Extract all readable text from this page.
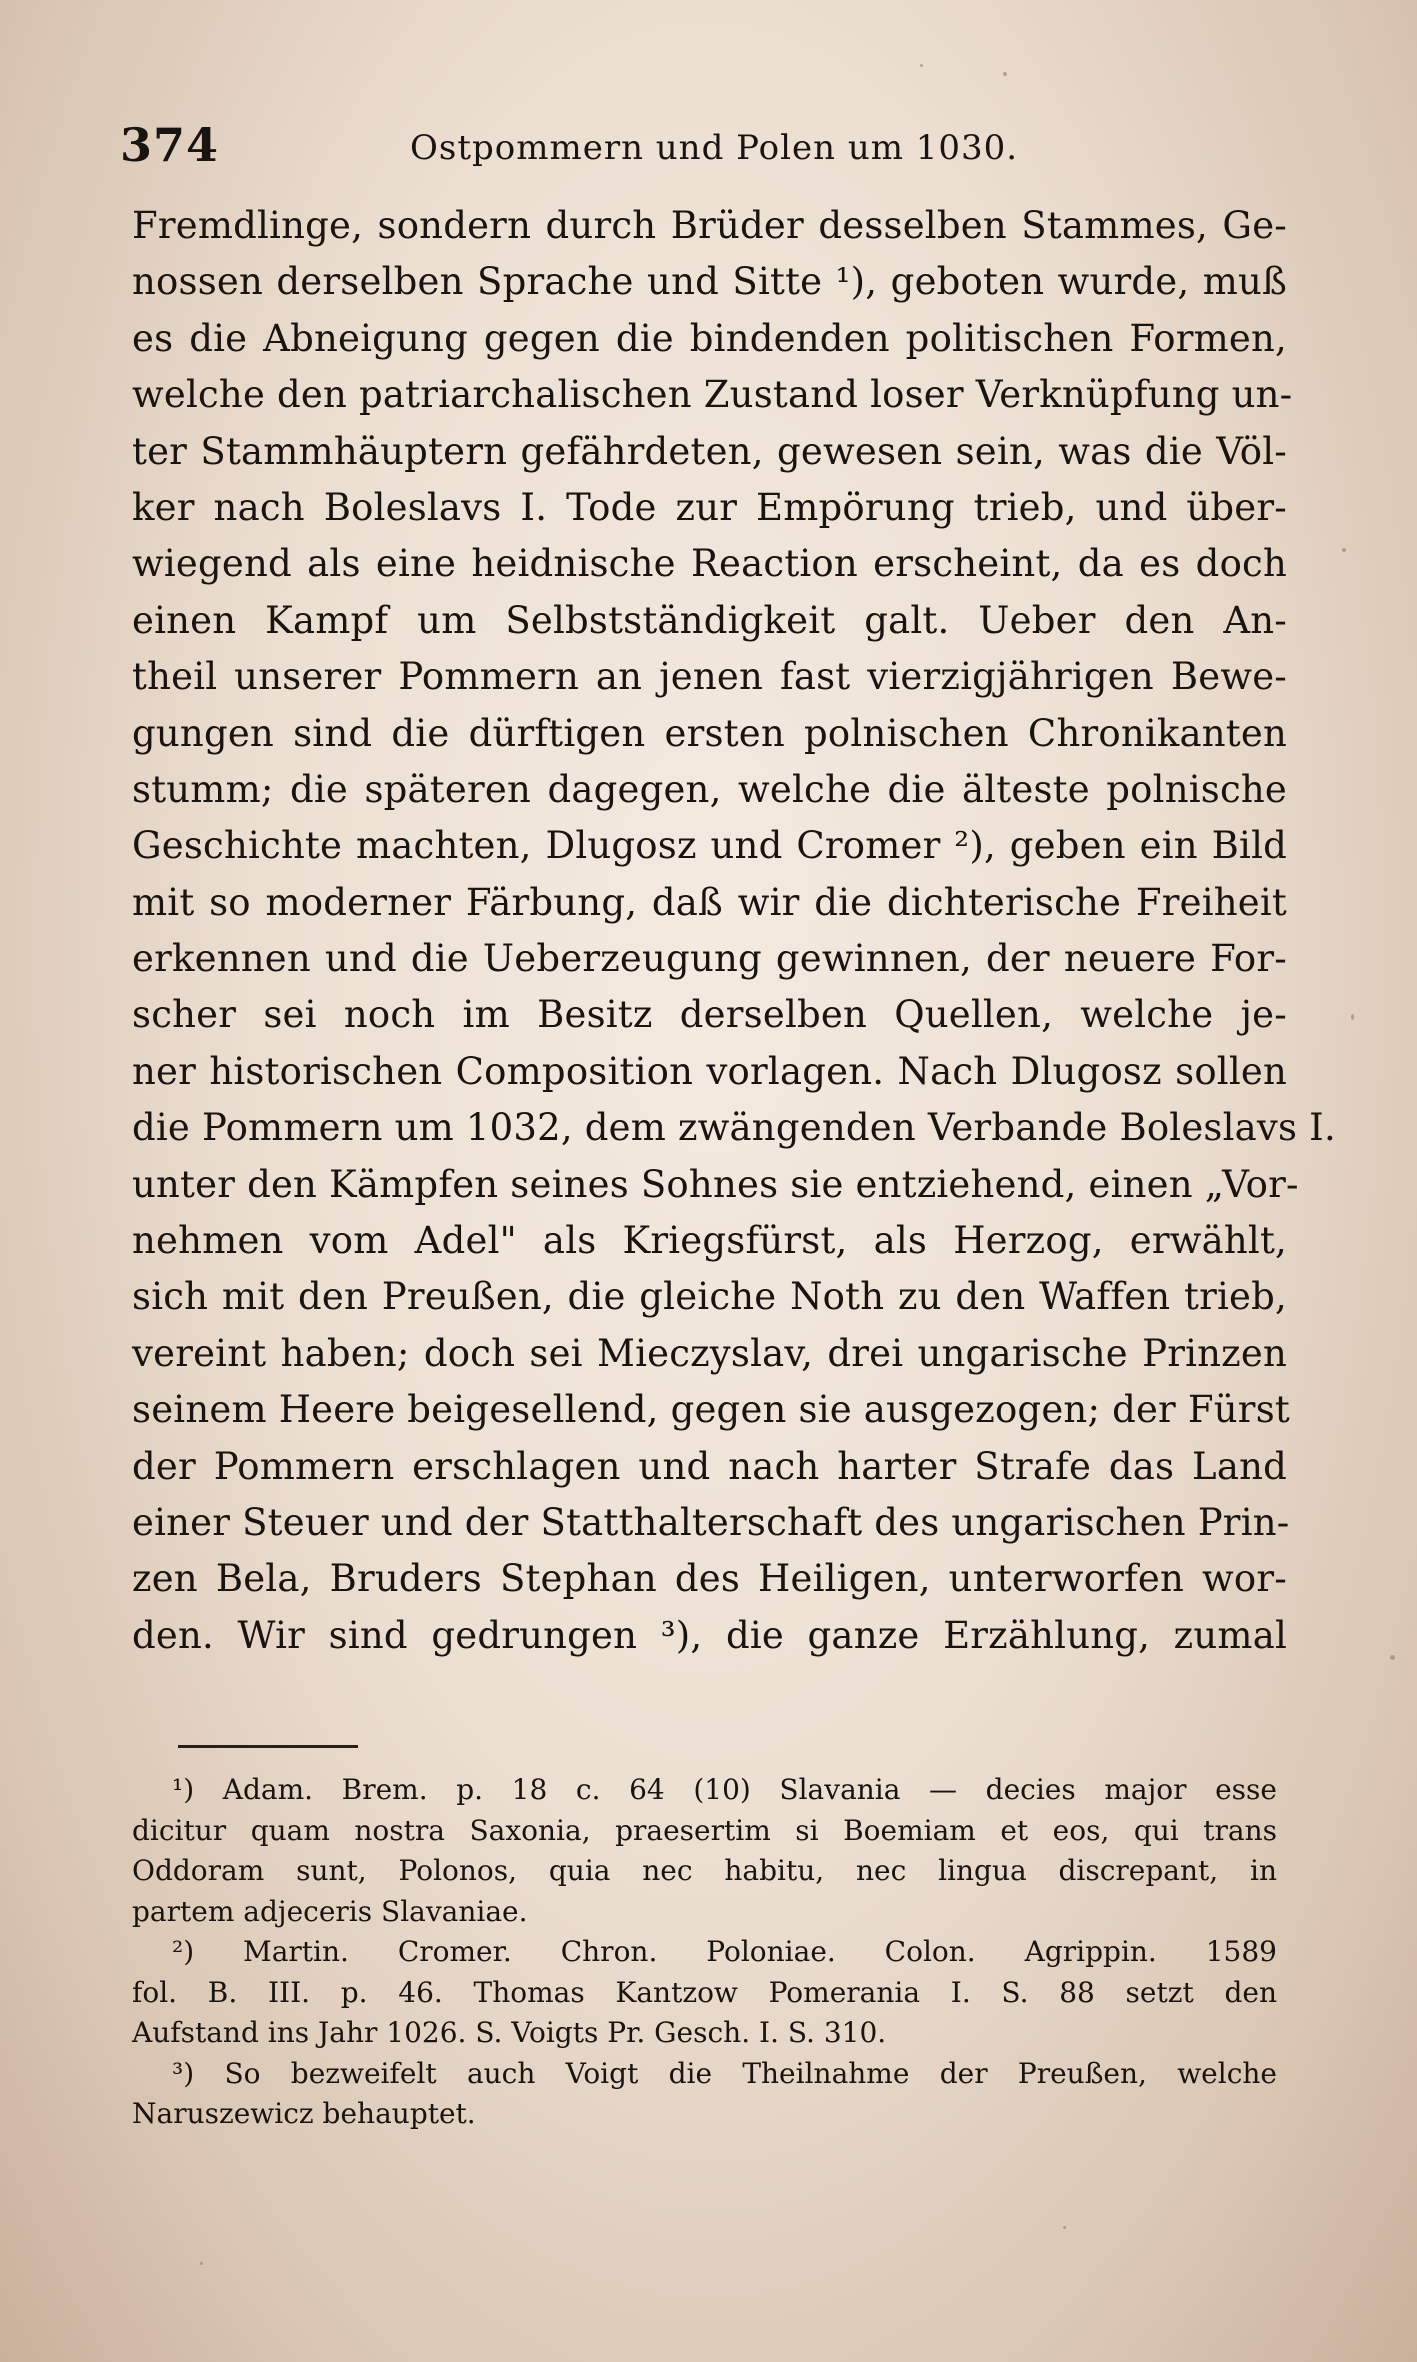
374	Ostpommern und Polen um 1030.
Fremdlinge, sondern durch Brüder desselben Stammes, Ge-
nossen derselben Sprache und Sitte ¹), geboten wurde, muß
es die Abneigung gegen die bindenden politischen Formen,
welche den patriarchalischen Zustand loser Verknüpfung un-
ter Stammhäuptern gefährdeten, gewesen sein, was die Völ-
ker nach Boleslavs I. Tode zur Empörung trieb, und über-
wiegend als eine heidnische Reaction erscheint, da es doch
einen Kampf um Selbstständigkeit galt. Ueber den An-
theil unserer Pommern an jenen fast vierzigjährigen Bewe-
gungen sind die dürftigen ersten polnischen Chronikanten
stumm; die späteren dagegen, welche die älteste polnische
Geschichte machten, Dlugosz und Cromer ²), geben ein Bild
mit so moderner Färbung, daß wir die dichterische Freiheit
erkennen und die Ueberzeugung gewinnen, der neuere For-
scher sei noch im Besitz derselben Quellen, welche je-
ner historischen Composition vorlagen. Nach Dlugosz sollen
die Pommern um 1032, dem zwängenden Verbande Boleslavs I.
unter den Kämpfen seines Sohnes sie entziehend, einen „Vor-
nehmen vom Adel" als Kriegsfürst, als Herzog, erwählt,
sich mit den Preußen, die gleiche Noth zu den Waffen trieb,
vereint haben; doch sei Mieczyslav, drei ungarische Prinzen
seinem Heere beigesellend, gegen sie ausgezogen; der Fürst
der Pommern erschlagen und nach harter Strafe das Land
einer Steuer und der Statthalterschaft des ungarischen Prin-
zen Bela, Bruders Stephan des Heiligen, unterworfen wor-
den. Wir sind gedrungen ³), die ganze Erzählung, zumal
¹) Adam. Brem. p. 18 c. 64 (10) Slavania — decies major esse
dicitur quam nostra Saxonia, praesertim si Boemiam et eos, qui trans
Oddoram sunt, Polonos, quia nec habitu, nec lingua discrepant, in
partem adjeceris Slavaniae.
²) Martin. Cromer. Chron. Poloniae. Colon. Agrippin. 1589
fol. B. III. p. 46. Thomas Kantzow Pomerania I. S. 88 setzt den
Aufstand ins Jahr 1026. S. Voigts Pr. Gesch. I. S. 310.
³) So bezweifelt auch Voigt die Theilnahme der Preußen, welche
Naruszewicz behauptet.
